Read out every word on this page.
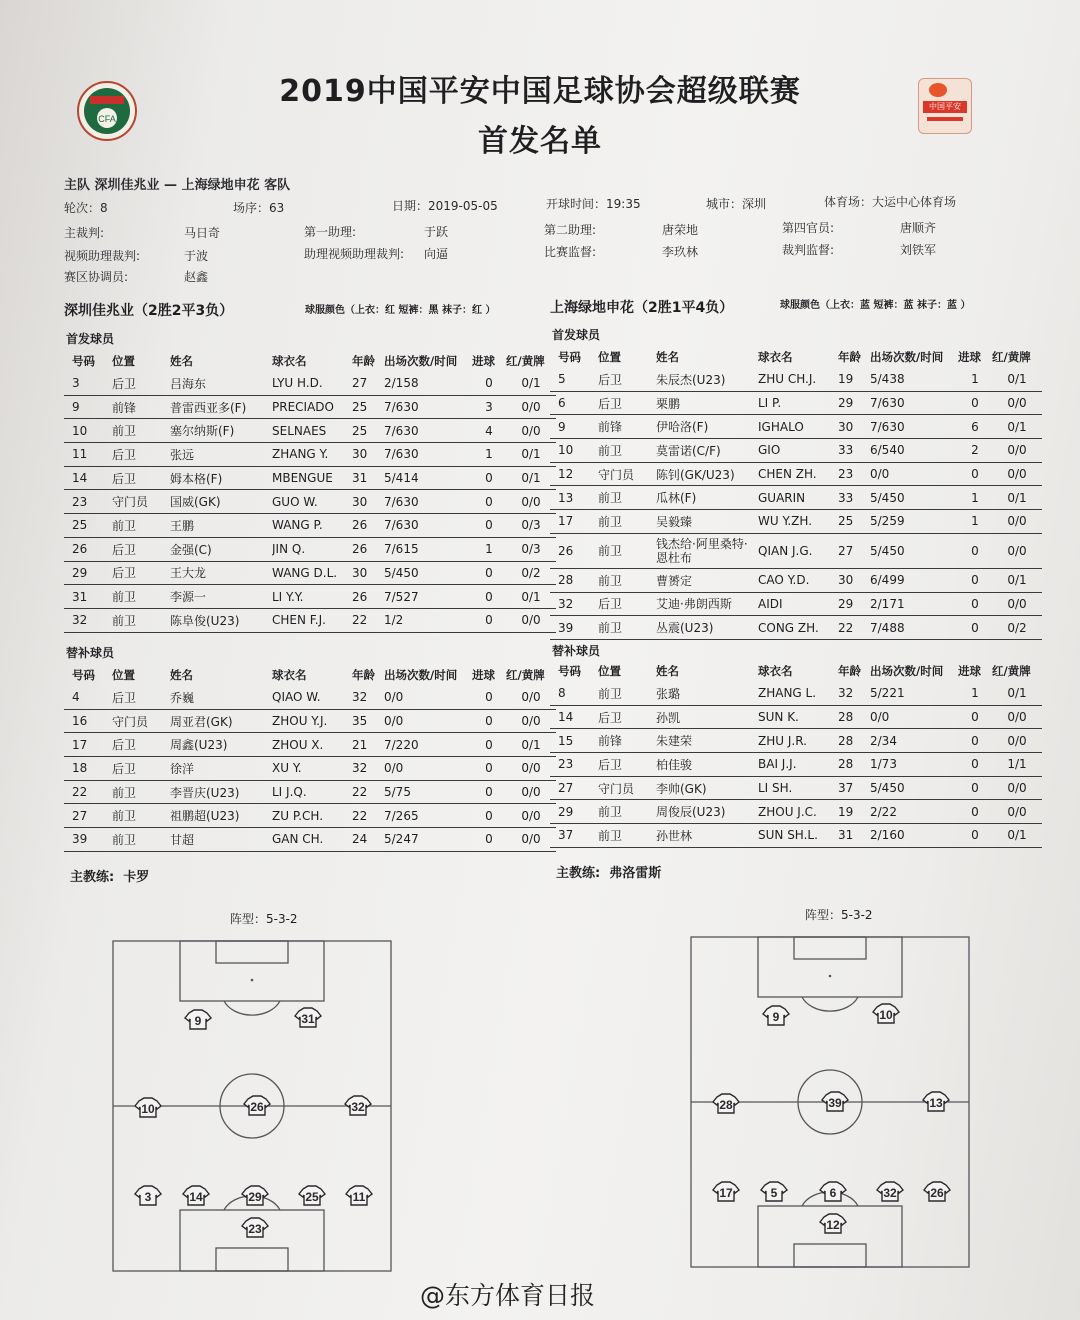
CFA
中国平安
2019中国平安中国足球协会超级联赛
首发名单
主队 深圳佳兆业 — 上海绿地申花 客队
轮次：8	场序：63	日期：2019-05-05	开球时间：19:35	城市：深圳	体育场：大运中心体育场
主裁判:	马日奇	第一助理:	于跃	第二助理:	唐荣地	第四官员:	唐顺齐
视频助理裁判:	于波	助理视频助理裁判: 向逼	比赛监督:	李玖林	裁判监督:	刘铁军
赛区协调员:	赵鑫
深圳佳兆业（2胜2平3负）	球服颜色（上衣：红 短裤：黑 袜子：红 ）	上海绿地申花（2胜1平4负）	球服颜色（上衣：蓝 短裤：蓝 袜子：蓝 ）
首发球员	首发球员
号码	位置	姓名	球衣名	年龄	出场次数/时间	进球	红/黄牌
3	后卫	吕海东	LYU H.D.	27	2/158	0	0/1
9	前锋	普雷西亚多(F)	PRECIADO	25	7/630	3	0/0
10	前卫	塞尔纳斯(F)	SELNAES	25	7/630	4	0/0
11	后卫	张远	ZHANG Y.	30	7/630	1	0/1
14	后卫	姆本格(F)	MBENGUE	31	5/414	0	0/1
23	守门员	国威(GK)	GUO W.	30	7/630	0	0/0
25	前卫	王鹏	WANG P.	26	7/630	0	0/3
26	后卫	金强(C)	JIN Q.	26	7/615	1	0/3
29	后卫	王大龙	WANG D.L.	30	5/450	0	0/2
31	前卫	李源一	LI Y.Y.	26	7/527	0	0/1
32	前卫	陈阜俊(U23)	CHEN F.J.	22	1/2	0	0/0
号码	位置	姓名	球衣名	年龄	出场次数/时间	进球	红/黄牌
5	后卫	朱辰杰(U23)	ZHU CH.J.	19	5/438	1	0/1
6	后卫	栗鹏	LI P.	29	7/630	0	0/0
9	前锋	伊哈洛(F)	IGHALO	30	7/630	6	0/1
10	前卫	莫雷诺(C/F)	GIO	33	6/540	2	0/0
12	守门员	陈钊(GK/U23)	CHEN ZH.	23	0/0	0	0/0
13	前卫	瓜林(F)	GUARIN	33	5/450	1	0/1
17	前卫	吴毅臻	WU Y.ZH.	25	5/259	1	0/0
26	前卫	钱杰给·阿里桑特·恩杜布	QIAN J.G.	27	5/450	0	0/0
28	前卫	曹赟定	CAO Y.D.	30	6/499	0	0/1
32	后卫	艾迪·弗朗西斯	AIDI	29	2/171	0	0/0
39	前卫	丛震(U23)	CONG ZH.	22	7/488	0	0/2
替补球员	替补球员
号码	位置	姓名	球衣名	年龄	出场次数/时间	进球	红/黄牌
4	后卫	乔巍	QIAO W.	32	0/0	0	0/0
16	守门员	周亚君(GK)	ZHOU Y.J.	35	0/0	0	0/0
17	后卫	周鑫(U23)	ZHOU X.	21	7/220	0	0/1
18	后卫	徐洋	XU Y.	32	0/0	0	0/0
22	前卫	李晋庆(U23)	LI J.Q.	22	5/75	0	0/0
27	前卫	祖鹏超(U23)	ZU P.CH.	22	7/265	0	0/0
39	前卫	甘超	GAN CH.	24	5/247	0	0/0
号码	位置	姓名	球衣名	年龄	出场次数/时间	进球	红/黄牌
8	前卫	张璐	ZHANG L.	32	5/221	1	0/1
14	后卫	孙凯	SUN K.	28	0/0	0	0/0
15	前锋	朱建荣	ZHU J.R.	28	2/34	0	0/0
23	后卫	柏佳骏	BAI J.J.	28	1/73	0	1/1
27	守门员	李帅(GK)	LI SH.	37	5/450	0	0/0
29	前卫	周俊辰(U23)	ZHOU J.C.	19	2/22	0	0/0
37	前卫	孙世林	SUN SH.L.	31	2/160	0	0/1
主教练: 卡罗	主教练: 弗洛雷斯
阵型：5-3-2	阵型：5-3-2
9	31
10	26	32
3	14	29	25	11
23
9	10
28	39	13
17	5	6	32	26
12
@东方体育日报
